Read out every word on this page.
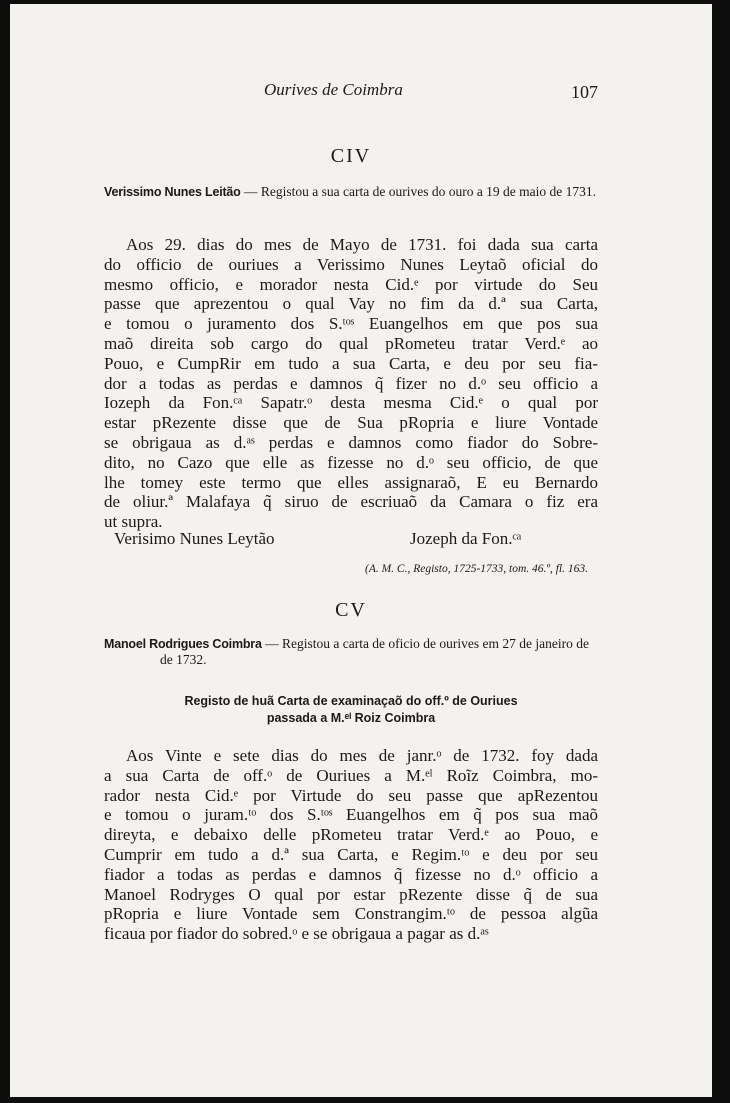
Ourives de Coimbra	107
CIV
Verissimo Nunes Leitão — Registou a sua carta de ourives do ouro a 19 de maio de 1731.
Aos 29. dias do mes de Mayo de 1731. foi dada sua carta
do officio de ouriues a Verissimo Nunes Leytaõ oficial do
mesmo officio, e morador nesta Cid.ᵉ por virtude do Seu
passe que aprezentou o qual Vay no fim da d.ª sua Carta,
e tomou o juramento dos S.ᵗᵒˢ Euangelhos em que pos sua
maõ direita sob cargo do qual pRometeu tratar Verd.ᵉ ao
Pouo, e CumpRir em tudo a sua Carta, e deu por seu fia-
dor a todas as perdas e damnos q̃ fizer no d.ᵒ seu officio a
Iozeph da Fon.ᶜᵃ Sapatr.ᵒ desta mesma Cid.ᵉ o qual por
estar pRezente disse que de Sua pRopria e liure Vontade
se obrigaua as d.ᵃˢ perdas e damnos como fiador do Sobre-
dito, no Cazo que elle as fizesse no d.ᵒ seu officio, de que
lhe tomey este termo que elles assignaraõ, E eu Bernardo
de oliur.ª Malafaya q̃ siruo de escriuaõ da Camara o fiz era
ut supra.
Verisimo Nunes Leytão	Jozeph da Fon.ᶜᵃ
(A. M. C., Registo, 1725-1733, tom. 46.º, fl. 163.
CV
Manoel Rodrigues Coimbra — Registou a carta de oficio de ourives em 27 de janeiro de de 1732.
Registo de huã Carta de examinaçaõ do off.º de Ouriues
passada a M.ᵉˡ Roiz Coimbra
Aos Vinte e sete dias do mes de janr.ᵒ de 1732. foy dada
a sua Carta de off.ᵒ de Ouriues a M.ᵉˡ Roĩz Coimbra, mo-
rador nesta Cid.ᵉ por Virtude do seu passe que apRezentou
e tomou o juram.ᵗᵒ dos S.ᵗᵒˢ Euangelhos em q̃ pos sua maõ
direyta, e debaixo delle pRometeu tratar Verd.ᵉ ao Pouo, e
Cumprir em tudo a d.ª sua Carta, e Regim.ᵗᵒ e deu por seu
fiador a todas as perdas e damnos q̃ fizesse no d.ᵒ officio a
Manoel Rodryges O qual por estar pRezente disse q̃ de sua
pRopria e liure Vontade sem Constrangim.ᵗᵒ de pessoa algũa
ficaua por fiador do sobred.ᵒ e se obrigaua a pagar as d.ᵃˢ
